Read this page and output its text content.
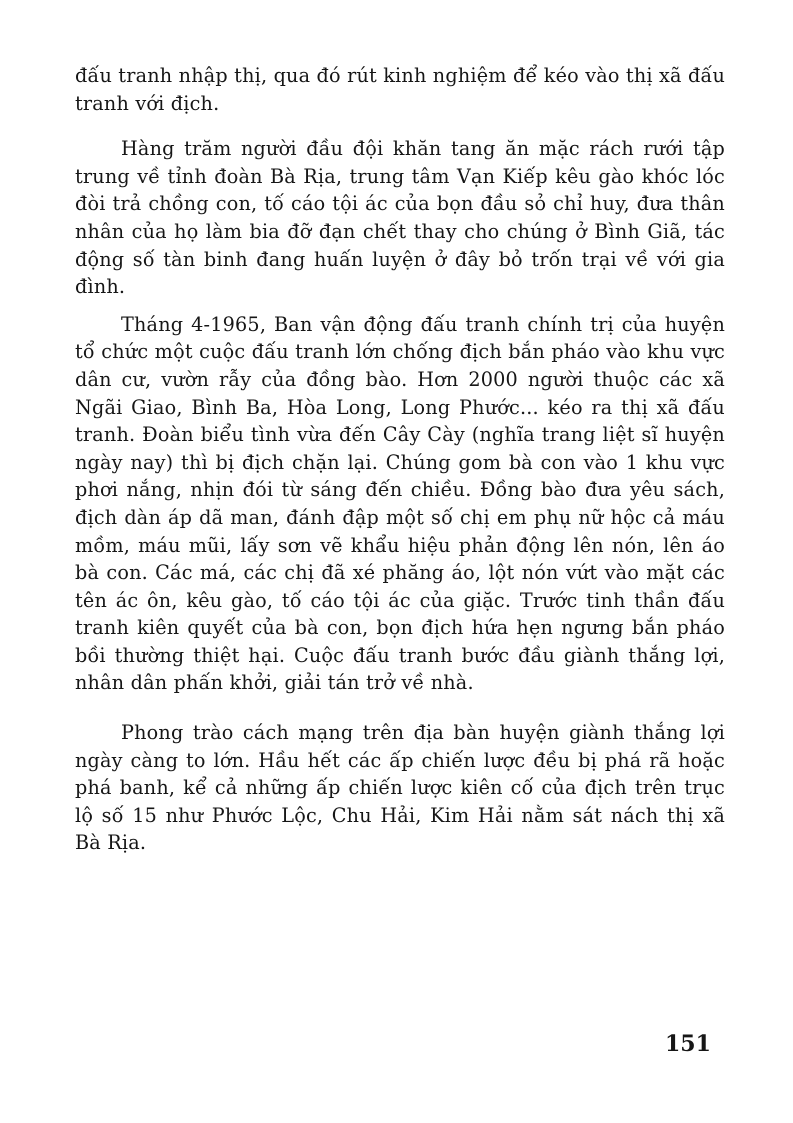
đấu tranh nhập thị, qua đó rút kinh nghiệm để kéo vào thị xã đấu tranh với địch.

Hàng trăm người đầu đội khăn tang ăn mặc rách rưới tập trung về tỉnh đoàn Bà Rịa, trung tâm Vạn Kiếp kêu gào khóc lóc đòi trả chồng con, tố cáo tội ác của bọn đầu sỏ chỉ huy, đưa thân nhân của họ làm bia đỡ đạn chết thay cho chúng ở Bình Giã, tác động số tàn binh đang huấn luyện ở đây bỏ trốn trại về với gia đình.

Tháng 4-1965, Ban vận động đấu tranh chính trị của huyện tổ chức một cuộc đấu tranh lớn chống địch bắn pháo vào khu vực dân cư, vườn rẫy của đồng bào. Hơn 2000 người thuộc các xã Ngãi Giao, Bình Ba, Hòa Long, Long Phước... kéo ra thị xã đấu tranh. Đoàn biểu tình vừa đến Cây Cày (nghĩa trang liệt sĩ huyện ngày nay) thì bị địch chặn lại. Chúng gom bà con vào 1 khu vực phơi nắng, nhịn đói từ sáng đến chiều. Đồng bào đưa yêu sách, địch dàn áp dã man, đánh đập một số chị em phụ nữ hộc cả máu mồm, máu mũi, lấy sơn vẽ khẩu hiệu phản động lên nón, lên áo bà con. Các má, các chị đã xé phăng áo, lột nón vứt vào mặt các tên ác ôn, kêu gào, tố cáo tội ác của giặc. Trước tinh thần đấu tranh kiên quyết của bà con, bọn địch hứa hẹn ngưng bắn pháo bồi thường thiệt hại. Cuộc đấu tranh bước đầu giành thắng lợi, nhân dân phấn khởi, giải tán trở về nhà.

Phong trào cách mạng trên địa bàn huyện giành thắng lợi ngày càng to lớn. Hầu hết các ấp chiến lược đều bị phá rã hoặc phá banh, kể cả những ấp chiến lược kiên cố của địch trên trục lộ số 15 như Phước Lộc, Chu Hải, Kim Hải nằm sát nách thị xã Bà Rịa.

151
